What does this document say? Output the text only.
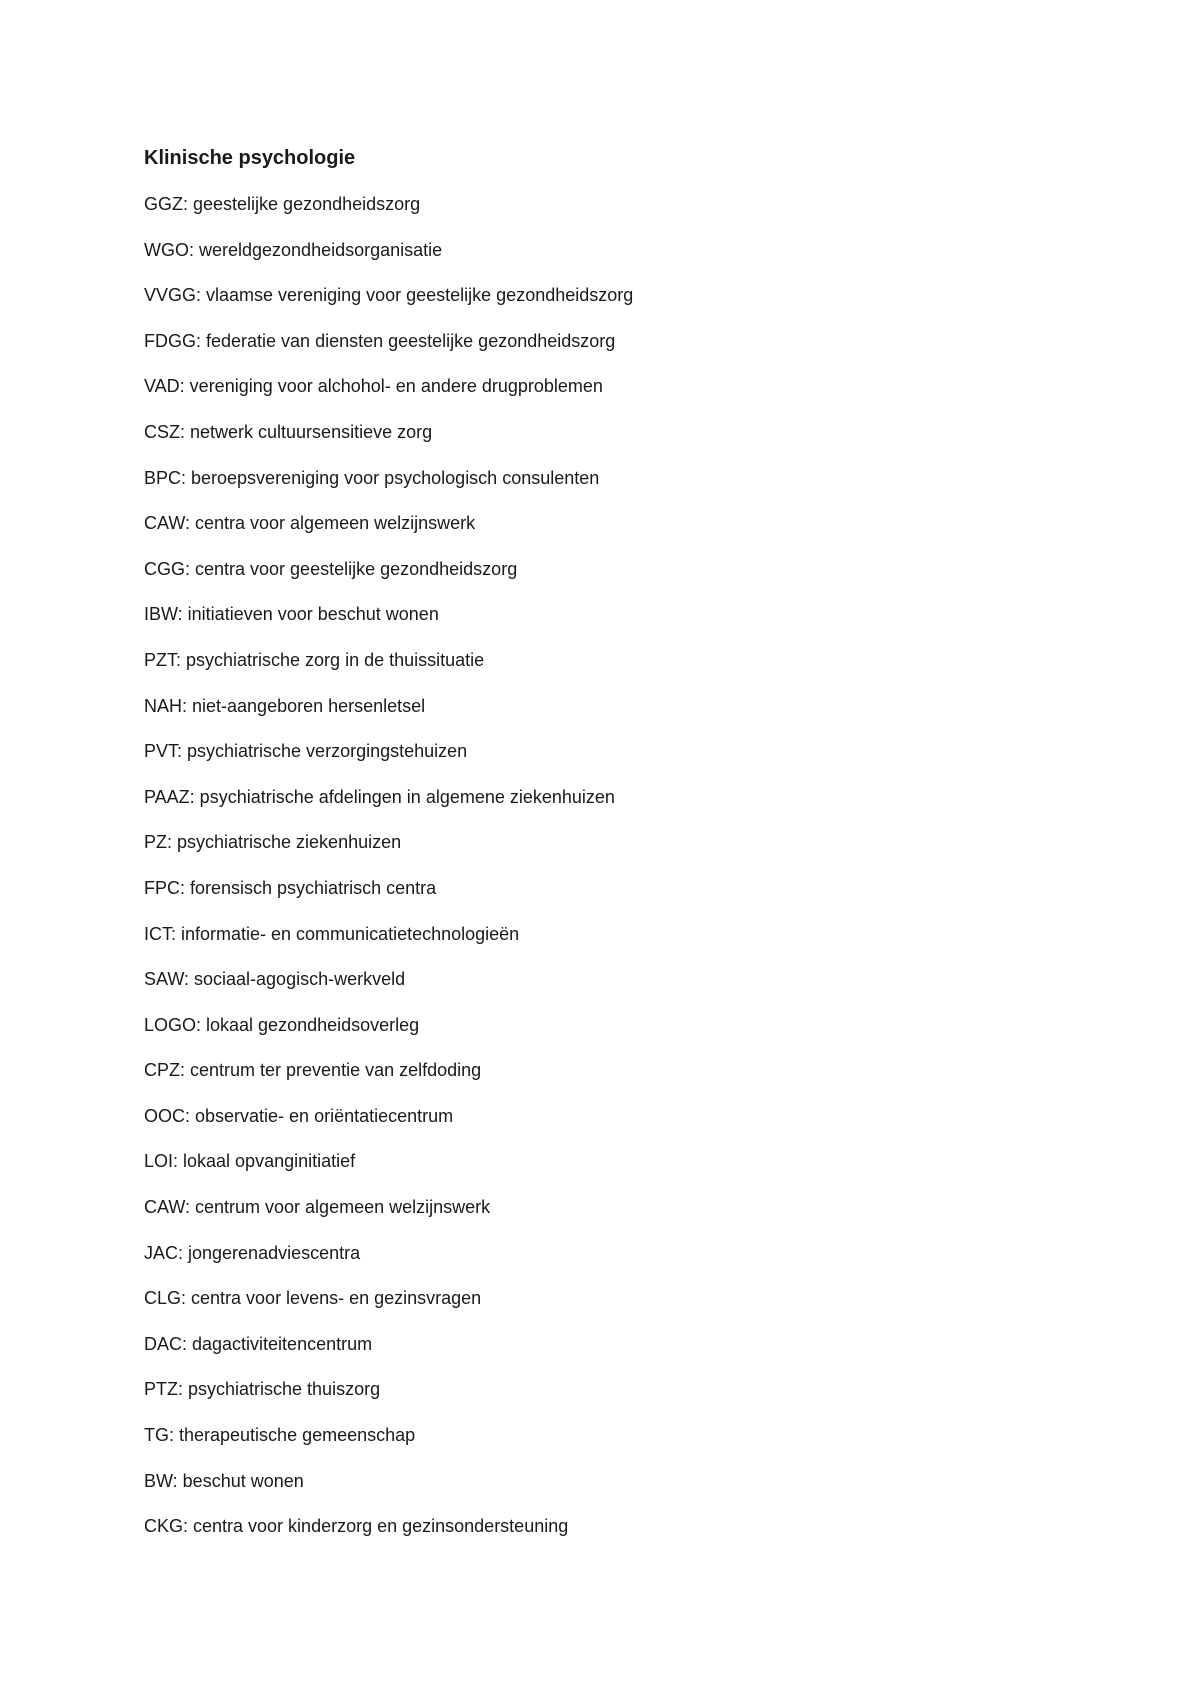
Klinische psychologie
GGZ: geestelijke gezondheidszorg
WGO: wereldgezondheidsorganisatie
VVGG: vlaamse vereniging voor geestelijke gezondheidszorg
FDGG: federatie van diensten geestelijke gezondheidszorg
VAD: vereniging voor alchohol- en andere drugproblemen
CSZ: netwerk cultuursensitieve zorg
BPC: beroepsvereniging voor psychologisch consulenten
CAW: centra voor algemeen welzijnswerk
CGG: centra voor geestelijke gezondheidszorg
IBW: initiatieven voor beschut wonen
PZT: psychiatrische zorg in de thuissituatie
NAH: niet-aangeboren hersenletsel
PVT: psychiatrische verzorgingstehuizen
PAAZ: psychiatrische afdelingen in algemene ziekenhuizen
PZ: psychiatrische ziekenhuizen
FPC: forensisch psychiatrisch centra
ICT: informatie- en communicatietechnologieën
SAW: sociaal-agogisch-werkveld
LOGO: lokaal gezondheidsoverleg
CPZ: centrum ter preventie van zelfdoding
OOC: observatie- en oriëntatiecentrum
LOI: lokaal opvanginitiatief
CAW: centrum voor algemeen welzijnswerk
JAC: jongerenadviescentra
CLG: centra voor levens- en gezinsvragen
DAC: dagactiviteitencentrum
PTZ: psychiatrische thuiszorg
TG: therapeutische gemeenschap
BW: beschut wonen
CKG: centra voor kinderzorg en gezinsondersteuning
